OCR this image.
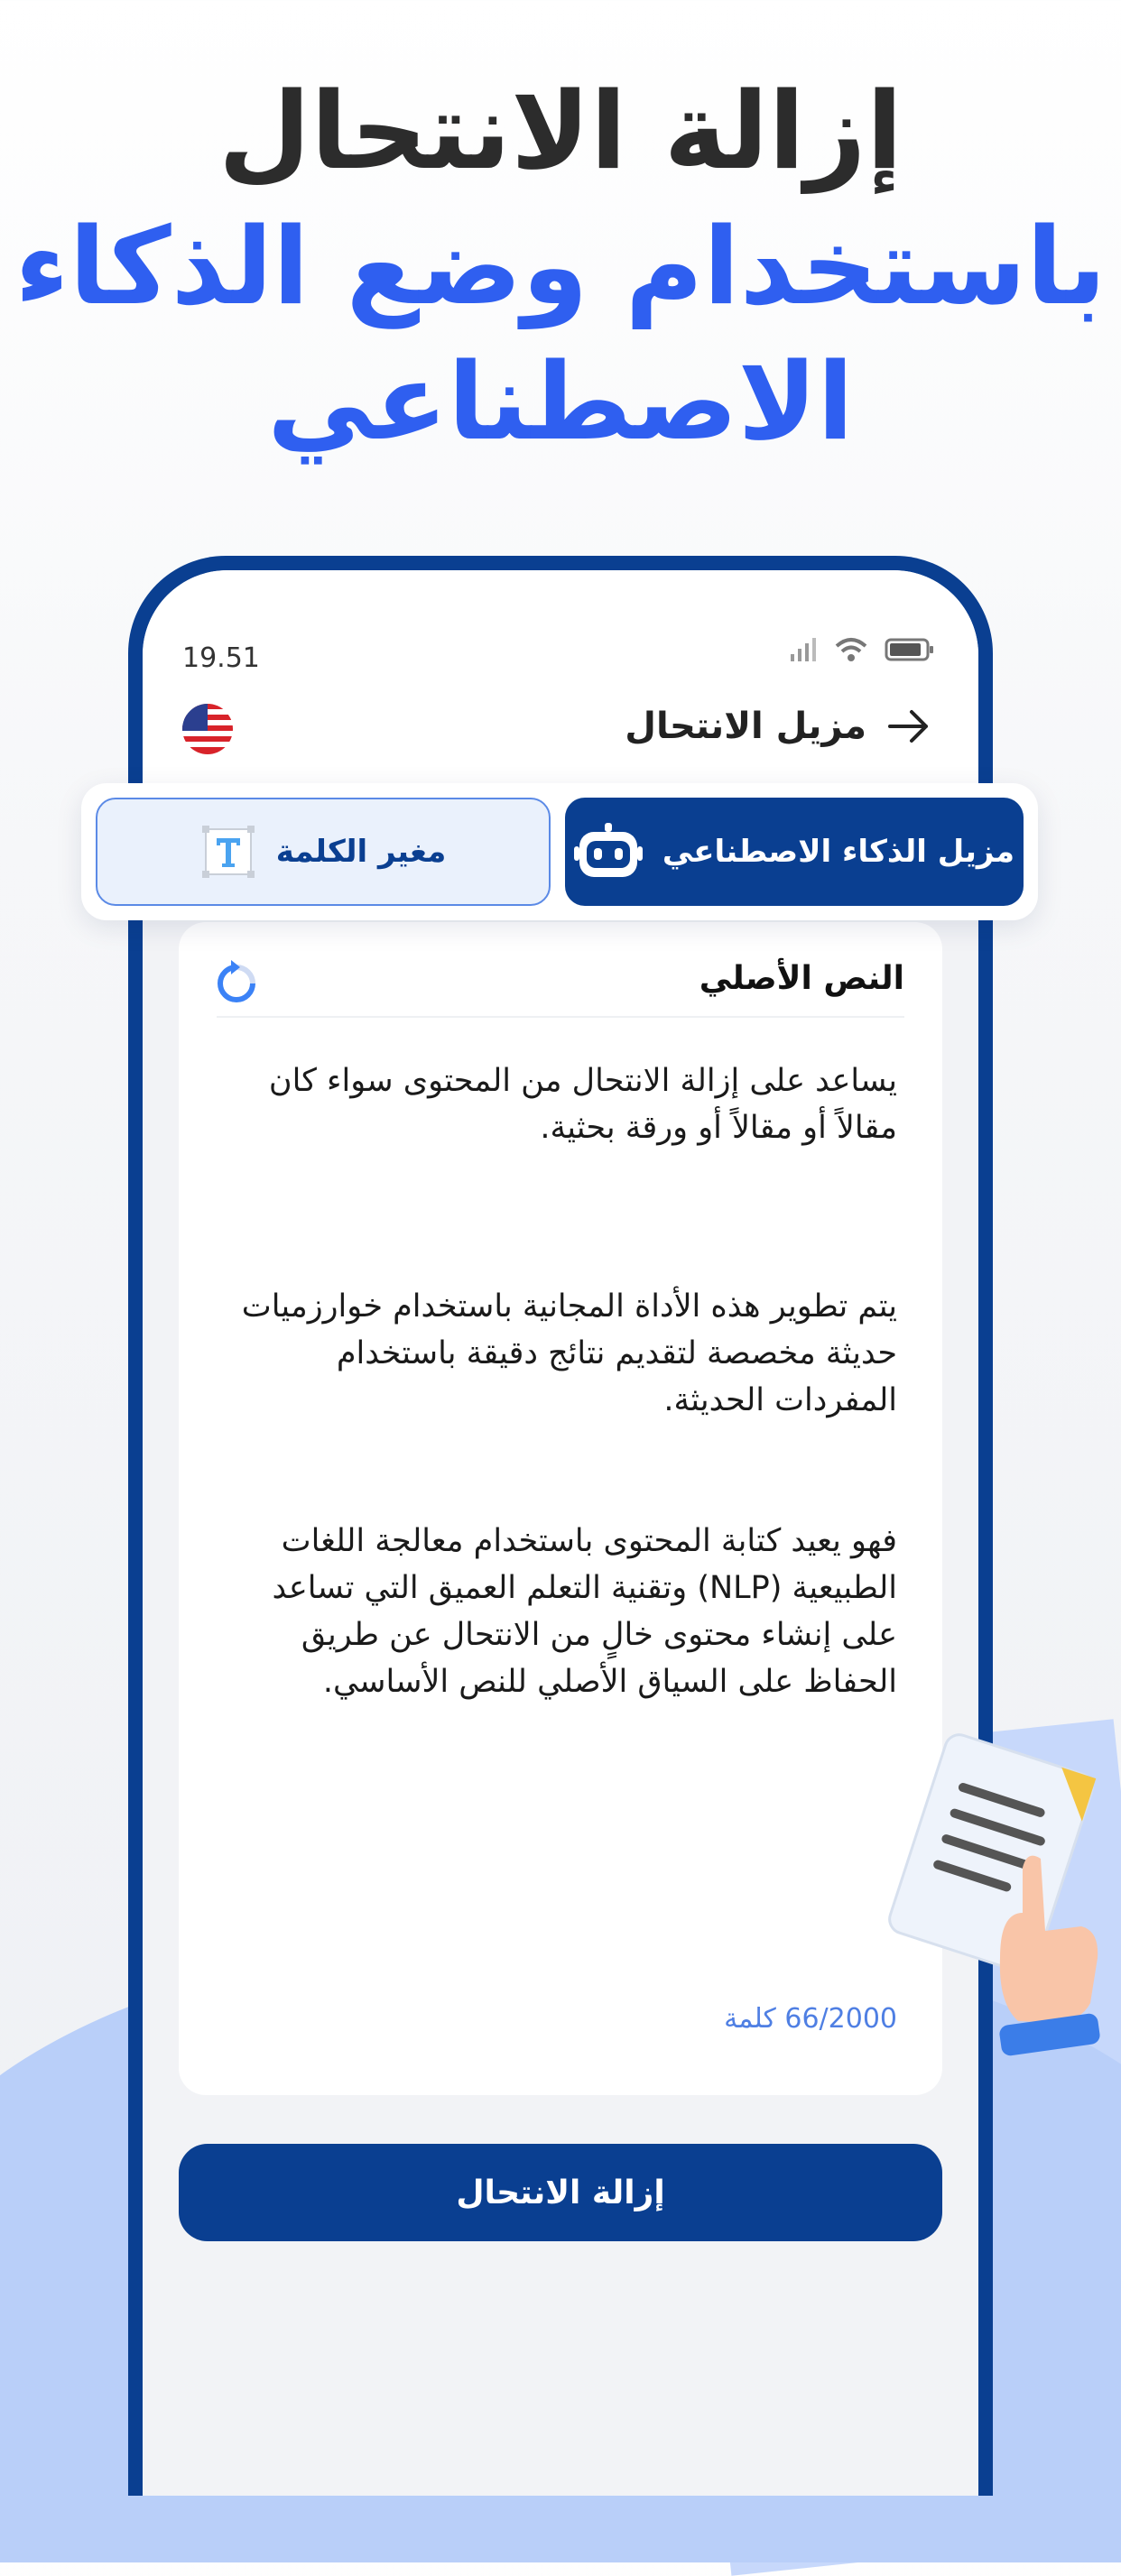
إزالة الانتحال
باستخدام وضع الذكاء
الاصطناعي
19.51
مزيل الانتحال
النص الأصلي
يساعد على إزالة الانتحال من المحتوى سواء كان مقالاً أو مقالاً أو ورقة بحثية.
يتم تطوير هذه الأداة المجانية باستخدام خوارزميات حديثة مخصصة لتقديم نتائج دقيقة باستخدام المفردات الحديثة.
فهو يعيد كتابة المحتوى باستخدام معالجة اللغات الطبيعية (NLP) وتقنية التعلم العميق التي تساعد على إنشاء محتوى خالٍ من الانتحال عن طريق الحفاظ على السياق الأصلي للنص الأساسي.
66/2000 كلمة
إزالة الانتحال
مزيل الذكاء الاصطناعي
مغير الكلمة
